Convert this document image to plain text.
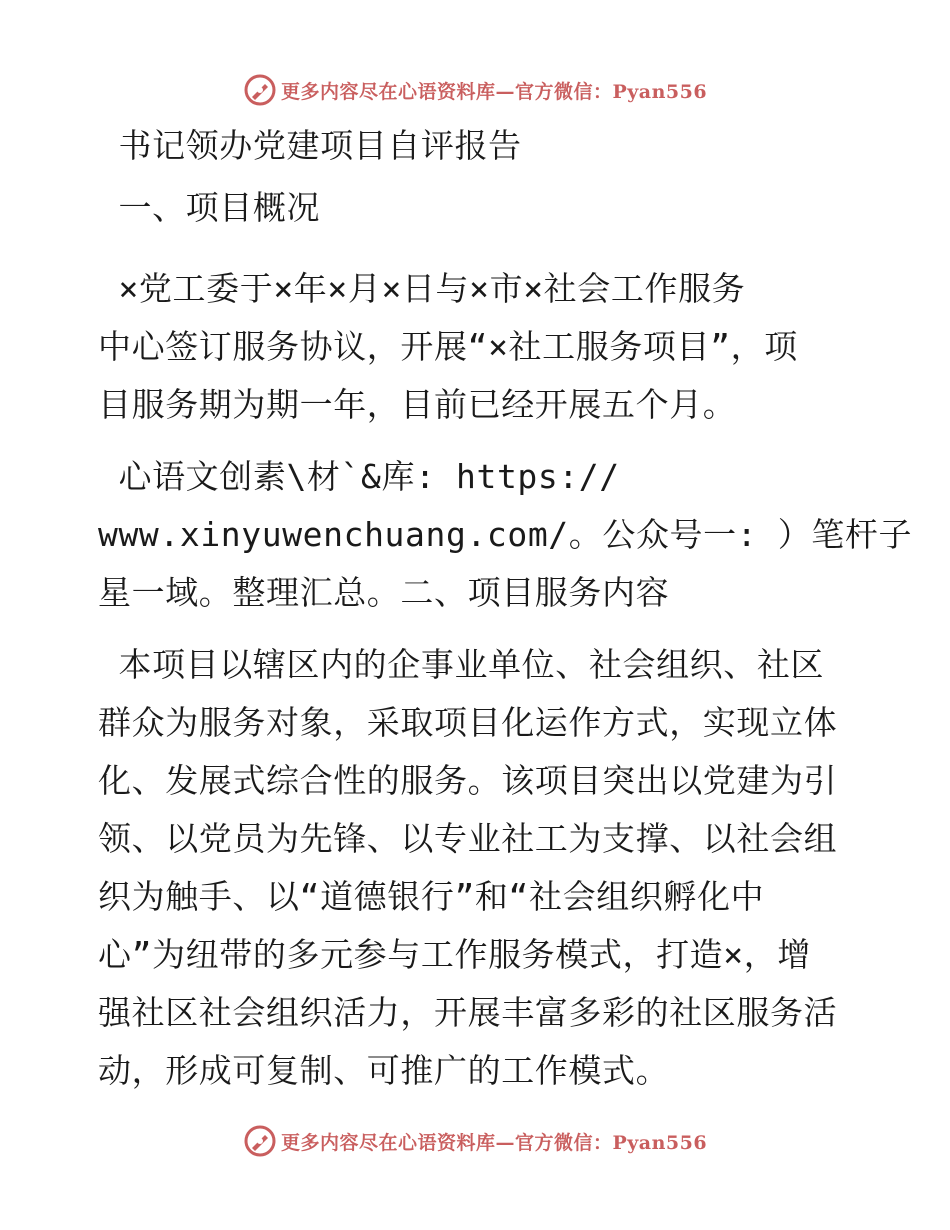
更多内容尽在心语资料库—官方微信：Pyan556
书记领办党建项目自评报告
一、项目概况
×党工委于×年×月×日与×市×社会工作服务
中心签订服务协议，开展“×社工服务项目”，项
目服务期为期一年，目前已经开展五个月。
心语文创素\材`&库: https://
www.xinyuwenchuang.com/。公众号一: ）笔杆子
星一域。整理汇总。二、项目服务内容
本项目以辖区内的企事业单位、社会组织、社区
群众为服务对象，采取项目化运作方式，实现立体
化、发展式综合性的服务。该项目突出以党建为引
领、以党员为先锋、以专业社工为支撑、以社会组
织为触手、以“道德银行”和“社会组织孵化中
心”为纽带的多元参与工作服务模式，打造×，增
强社区社会组织活力，开展丰富多彩的社区服务活
动，形成可复制、可推广的工作模式。
更多内容尽在心语资料库—官方微信：Pyan556
